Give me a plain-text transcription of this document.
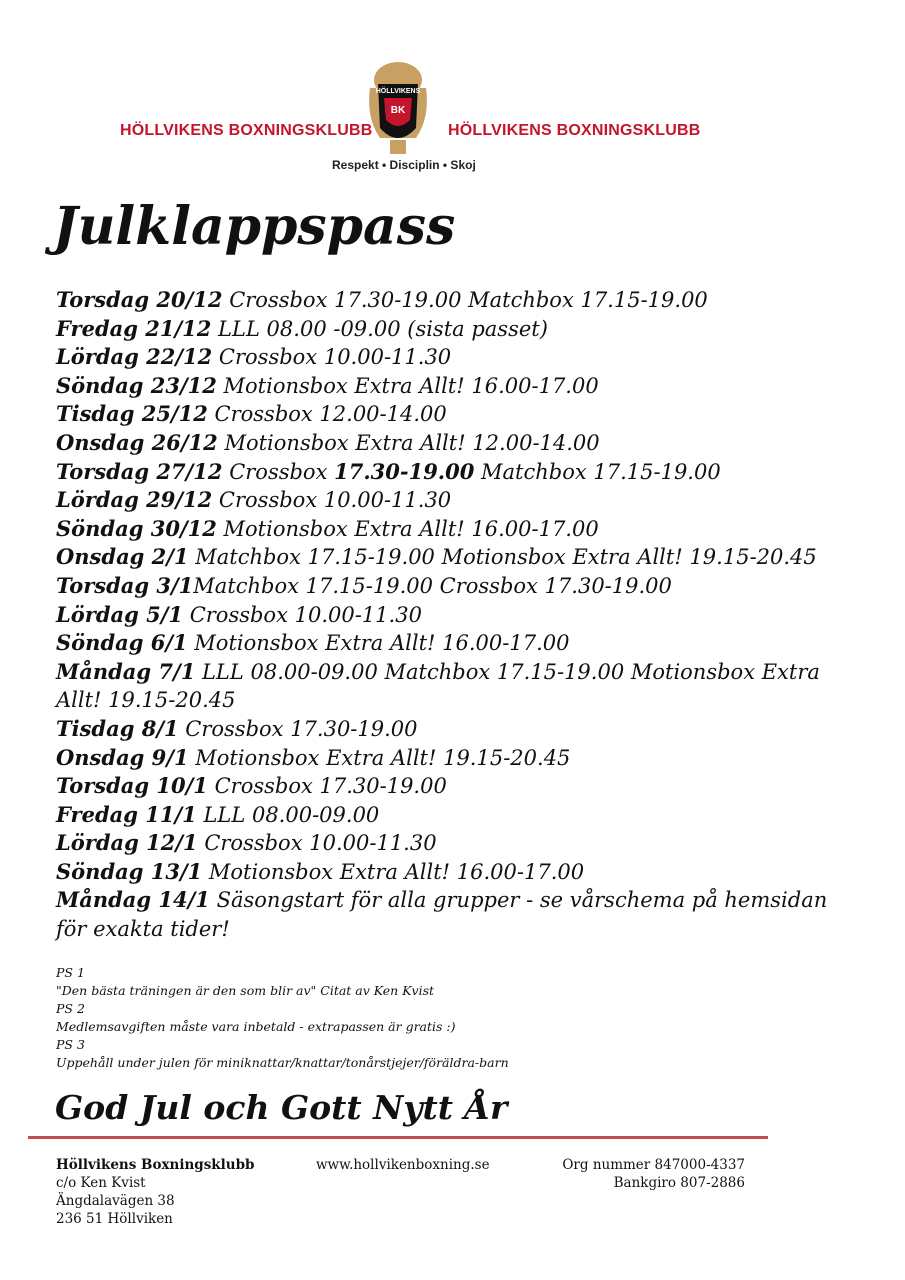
HÖLLVIKENS BOXNINGSKLUBB
HÖLLVIKENS
BK
HÖLLVIKENS BOXNINGSKLUBB
Respekt • Disciplin • Skoj
Julklappspass
Torsdag 20/12 Crossbox 17.30-19.00 Matchbox 17.15-19.00
Fredag 21/12 LLL 08.00 -09.00 (sista passet)
Lördag 22/12 Crossbox 10.00-11.30
Söndag 23/12 Motionsbox Extra Allt! 16.00-17.00
Tisdag 25/12 Crossbox 12.00-14.00
Onsdag 26/12 Motionsbox Extra Allt! 12.00-14.00
Torsdag 27/12 Crossbox 17.30-19.00 Matchbox 17.15-19.00
Lördag 29/12 Crossbox 10.00-11.30
Söndag 30/12 Motionsbox Extra Allt! 16.00-17.00
Onsdag 2/1 Matchbox 17.15-19.00 Motionsbox Extra Allt! 19.15-20.45
Torsdag 3/1Matchbox 17.15-19.00 Crossbox 17.30-19.00
Lördag 5/1 Crossbox 10.00-11.30
Söndag 6/1 Motionsbox Extra Allt! 16.00-17.00
Måndag 7/1 LLL 08.00-09.00 Matchbox 17.15-19.00 Motionsbox Extra Allt! 19.15-20.45
Tisdag 8/1 Crossbox 17.30-19.00
Onsdag 9/1 Motionsbox Extra Allt! 19.15-20.45
Torsdag 10/1 Crossbox 17.30-19.00
Fredag 11/1 LLL 08.00-09.00
Lördag 12/1 Crossbox 10.00-11.30
Söndag 13/1 Motionsbox Extra Allt! 16.00-17.00
Måndag 14/1 Säsongstart för alla grupper - se vårschema på hemsidan för exakta tider!
PS 1
"Den bästa träningen är den som blir av" Citat av Ken Kvist
PS 2
Medlemsavgiften måste vara inbetald - extrapassen är gratis :)
PS 3
Uppehåll under julen för miniknattar/knattar/tonårstjejer/föräldra-barn
God Jul och Gott Nytt År
Höllvikens Boxningsklubb
c/o Ken Kvist
Ängdalavägen 38
236 51 Höllviken
www.hollvikenboxning.se	Org nummer 847000-4337
Bankgiro 807-2886
